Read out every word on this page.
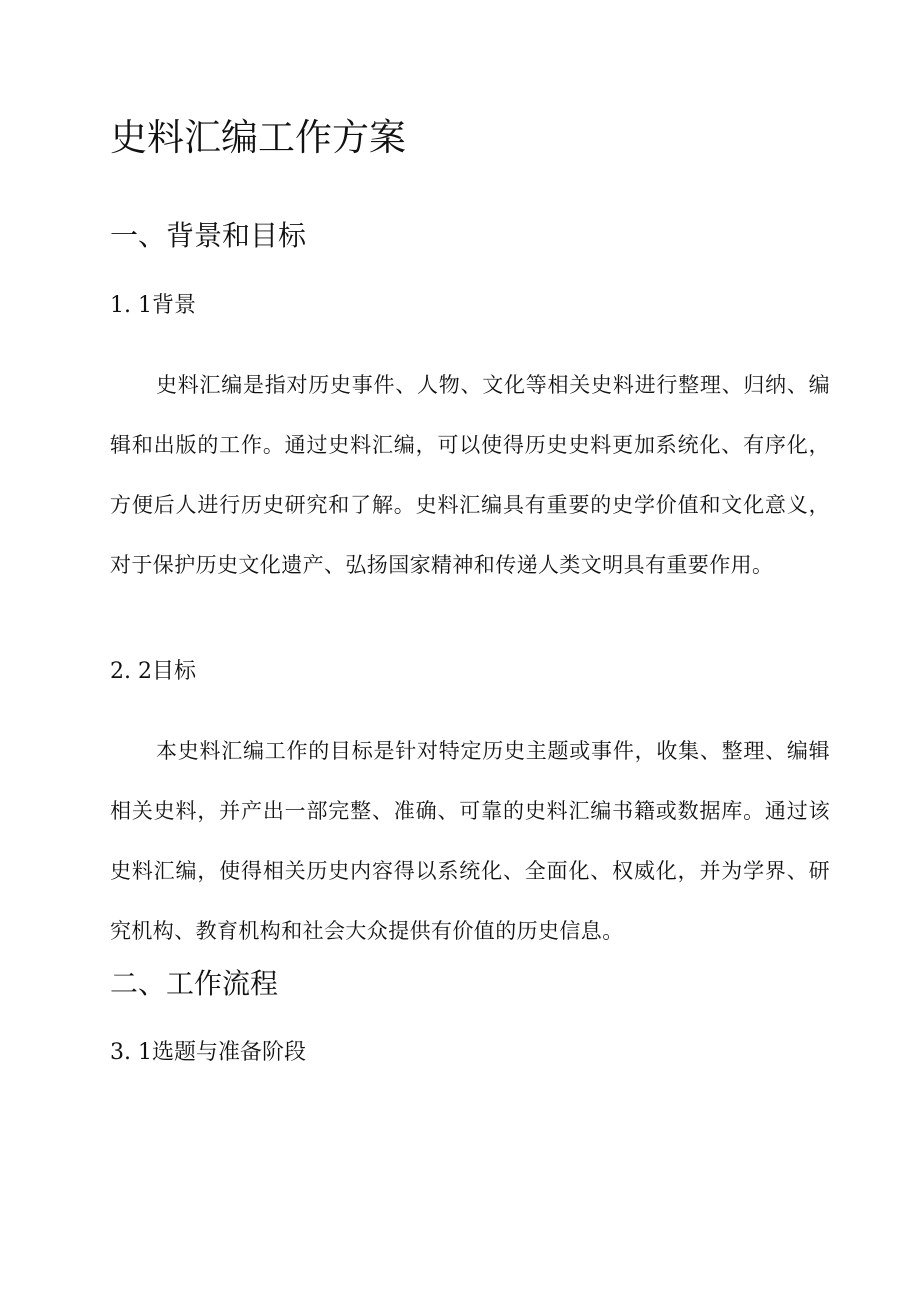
史料汇编工作方案
一、背景和目标
1. 1背景

史料汇编是指对历史事件、人物、文化等相关史料进行整理、归纳、编辑和出版的工作。通过史料汇编，可以使得历史史料更加系统化、有序化，方便后人进行历史研究和了解。史料汇编具有重要的史学价值和文化意义，对于保护历史文化遗产、弘扬国家精神和传递人类文明具有重要作用。

2. 2目标

本史料汇编工作的目标是针对特定历史主题或事件，收集、整理、编辑相关史料，并产出一部完整、准确、可靠的史料汇编书籍或数据库。通过该史料汇编，使得相关历史内容得以系统化、全面化、权威化，并为学界、研究机构、教育机构和社会大众提供有价值的历史信息。

二、工作流程
3. 1选题与准备阶段
